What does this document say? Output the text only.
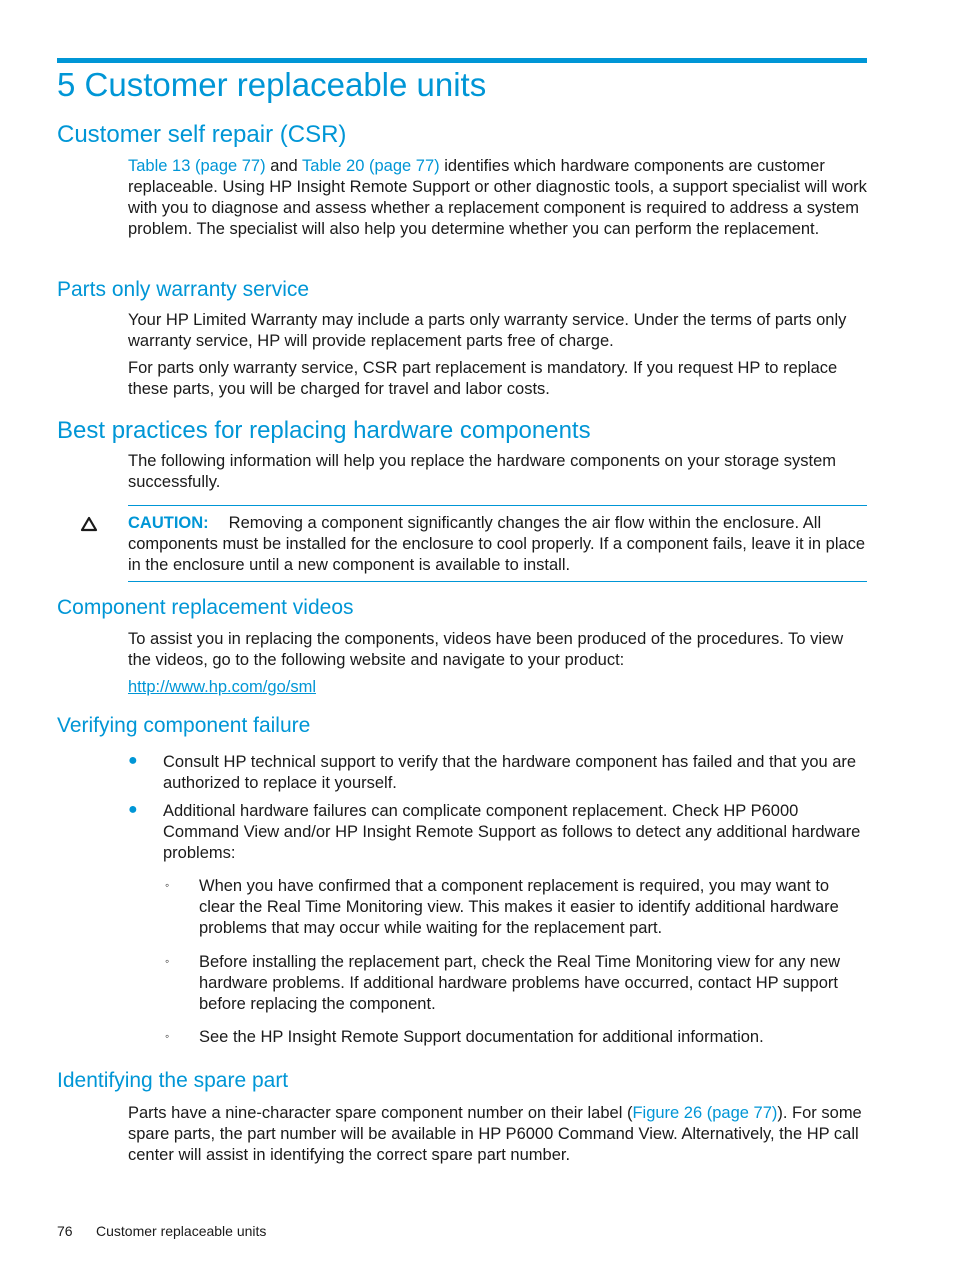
5 Customer replaceable units
Customer self repair (CSR)
Table 13 (page 77) and Table 20 (page 77) identifies which hardware components are customer replaceable. Using HP Insight Remote Support or other diagnostic tools, a support specialist will work with you to diagnose and assess whether a replacement component is required to address a system problem. The specialist will also help you determine whether you can perform the replacement.
Parts only warranty service
Your HP Limited Warranty may include a parts only warranty service. Under the terms of parts only warranty service, HP will provide replacement parts free of charge.
For parts only warranty service, CSR part replacement is mandatory. If you request HP to replace these parts, you will be charged for travel and labor costs.
Best practices for replacing hardware components
The following information will help you replace the hardware components on your storage system successfully.
CAUTION: Removing a component significantly changes the air flow within the enclosure. All components must be installed for the enclosure to cool properly. If a component fails, leave it in place in the enclosure until a new component is available to install.
Component replacement videos
To assist you in replacing the components, videos have been produced of the procedures. To view the videos, go to the following website and navigate to your product:
http://www.hp.com/go/sml
Verifying component failure
● Consult HP technical support to verify that the hardware component has failed and that you are authorized to replace it yourself.
● Additional hardware failures can complicate component replacement. Check HP P6000 Command View and/or HP Insight Remote Support as follows to detect any additional hardware problems:
◦ When you have confirmed that a component replacement is required, you may want to clear the Real Time Monitoring view. This makes it easier to identify additional hardware problems that may occur while waiting for the replacement part.
◦ Before installing the replacement part, check the Real Time Monitoring view for any new hardware problems. If additional hardware problems have occurred, contact HP support before replacing the component.
◦ See the HP Insight Remote Support documentation for additional information.
Identifying the spare part
Parts have a nine-character spare component number on their label (Figure 26 (page 77)). For some spare parts, the part number will be available in HP P6000 Command View. Alternatively, the HP call center will assist in identifying the correct spare part number.
76 Customer replaceable units
